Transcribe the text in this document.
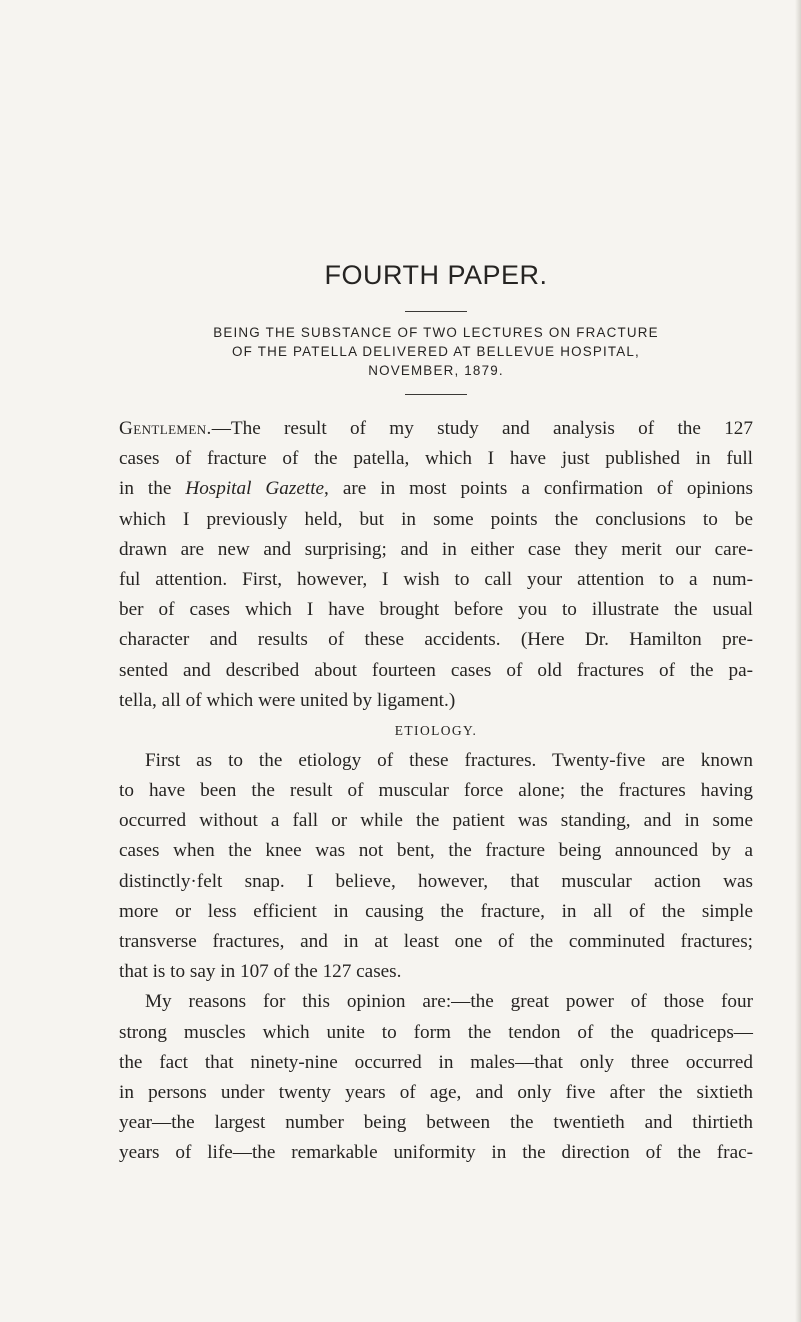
FOURTH PAPER.
BEING THE SUBSTANCE OF TWO LECTURES ON FRACTURE
OF THE PATELLA DELIVERED AT BELLEVUE HOSPITAL,
NOVEMBER, 1879.
Gentlemen.—The result of my study and analysis of the 127
cases of fracture of the patella, which I have just published in full
in the Hospital Gazette, are in most points a confirmation of opinions
which I previously held, but in some points the conclusions to be
drawn are new and surprising; and in either case they merit our care-
ful attention. First, however, I wish to call your attention to a num-
ber of cases which I have brought before you to illustrate the usual
character and results of these accidents. (Here Dr. Hamilton pre-
sented and described about fourteen cases of old fractures of the pa-
tella, all of which were united by ligament.)
ETIOLOGY.
First as to the etiology of these fractures. Twenty-five are known
to have been the result of muscular force alone; the fractures having
occurred without a fall or while the patient was standing, and in some
cases when the knee was not bent, the fracture being announced by a
distinctly·felt snap. I believe, however, that muscular action was
more or less efficient in causing the fracture, in all of the simple
transverse fractures, and in at least one of the comminuted fractures;
that is to say in 107 of the 127 cases.
My reasons for this opinion are:—the great power of those four
strong muscles which unite to form the tendon of the quadriceps—
the fact that ninety-nine occurred in males—that only three occurred
in persons under twenty years of age, and only five after the sixtieth
year—the largest number being between the twentieth and thirtieth
years of life—the remarkable uniformity in the direction of the frac-
